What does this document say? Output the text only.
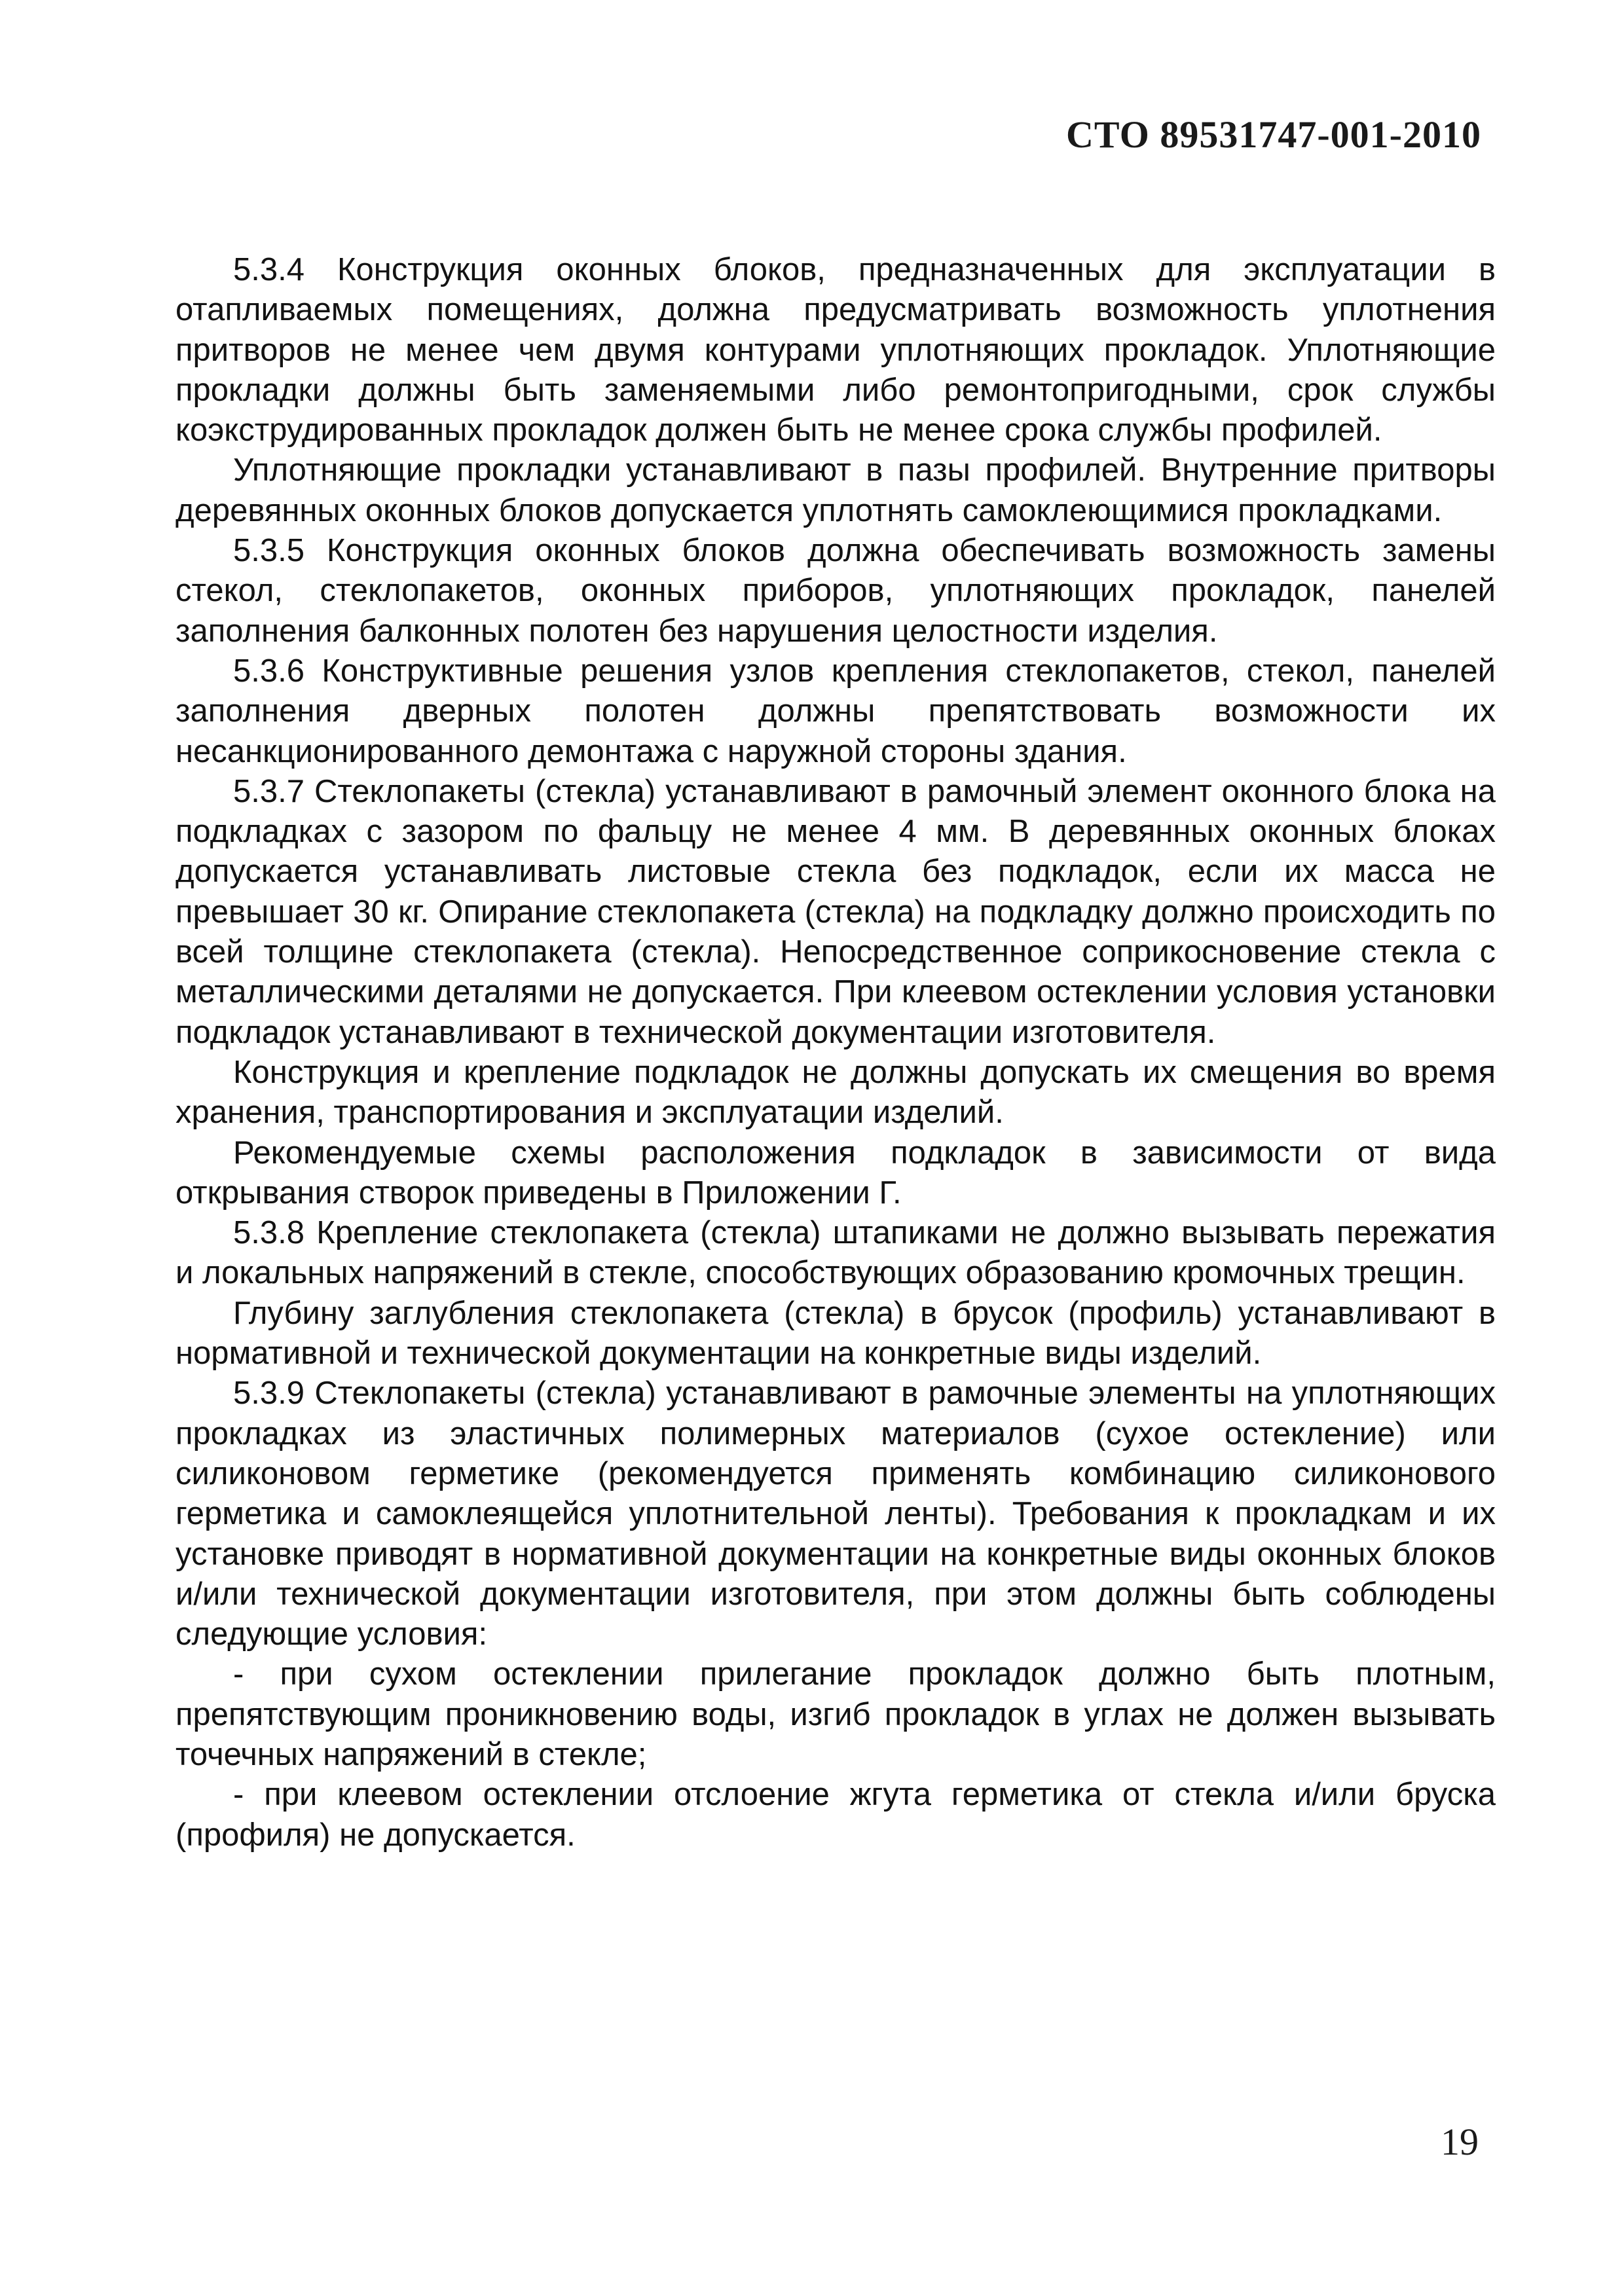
СТО 89531747-001-2010

5.3.4 Конструкция оконных блоков, предназначенных для эксплуатации в отапливаемых помещениях, должна предусматривать возможность уплотнения притворов не менее чем двумя контурами уплотняющих прокладок. Уплотняющие прокладки должны быть заменяемыми либо ремонтопригодными, срок службы коэкструдированных прокладок должен быть не менее срока службы профилей.

Уплотняющие прокладки устанавливают в пазы профилей. Внутренние притворы деревянных оконных блоков допускается уплотнять самоклеющимися прокладками.

5.3.5 Конструкция оконных блоков должна обеспечивать возможность замены стекол, стеклопакетов, оконных приборов, уплотняющих прокладок, панелей заполнения балконных полотен без нарушения целостности изделия.

5.3.6 Конструктивные решения узлов крепления стеклопакетов, стекол, панелей заполнения дверных полотен должны препятствовать возможности их несанкционированного демонтажа с наружной стороны здания.

5.3.7 Стеклопакеты (стекла) устанавливают в рамочный элемент оконного блока на подкладках с зазором по фальцу не менее 4 мм. В деревянных оконных блоках допускается устанавливать листовые стекла без подкладок, если их масса не превышает 30 кг. Опирание стеклопакета (стекла) на подкладку должно происходить по всей толщине стеклопакета (стекла). Непосредственное соприкосновение стекла с металлическими деталями не допускается. При клеевом остеклении условия установки подкладок устанавливают в технической документации изготовителя.

Конструкция и крепление подкладок не должны допускать их смещения во время хранения, транспортирования и эксплуатации изделий.

Рекомендуемые схемы расположения подкладок в зависимости от вида открывания створок приведены в Приложении Г.

5.3.8 Крепление стеклопакета (стекла) штапиками не должно вызывать пережатия и локальных напряжений в стекле, способствующих образованию кромочных трещин.

Глубину заглубления стеклопакета (стекла) в брусок (профиль) устанавливают в нормативной и технической документации на конкретные виды изделий.

5.3.9 Стеклопакеты (стекла) устанавливают в рамочные элементы на уплотняющих прокладках из эластичных полимерных материалов (сухое остекление) или силиконовом герметике (рекомендуется применять комбинацию силиконового герметика и самоклеящейся уплотнительной ленты). Требования к прокладкам и их установке приводят в нормативной документации на конкретные виды оконных блоков и/или технической документации изготовителя, при этом должны быть соблюдены следующие условия:

- при сухом остеклении прилегание прокладок должно быть плотным, препятствующим проникновению воды, изгиб прокладок в углах не должен вызывать точечных напряжений в стекле;

- при клеевом остеклении отслоение жгута герметика от стекла и/или бруска (профиля) не допускается.

19
